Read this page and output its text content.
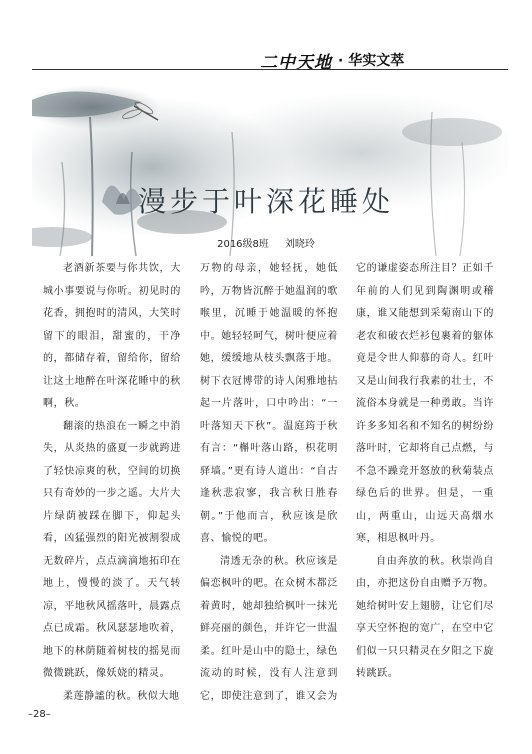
二中天地 · 华实文萃
漫步于叶深花睡处
2016级8班 刘晓玲

老酒新茶要与你共饮，大城小事要说与你听。初见时的花香，拥抱时的清风，大笑时留下的眼泪，甜蜜的，干净的，都储存着，留给你，留给让这土地醉在叶深花睡中的秋啊，秋。

翻滚的热浪在一瞬之中消失，从炎热的盛夏一步就跨进了轻快凉爽的秋，空间的切换只有奇妙的一步之遥。大片大片绿荫被踩在脚下，仰起头看，凶猛强烈的阳光被割裂成无数碎片，点点滴滴地拓印在地上，慢慢的淡了。天气转凉，平地秋风摇落叶，晨露点点已成霜。秋风瑟瑟地吹着，地下的林荫随着树枝的摇晃而微微跳跃，像妖娆的精灵。

柔莲静謐的秋。秋似大地

万物的母亲，她轻抚，她低吟，万物皆沉醉于她温润的歌喉里，沉睡于她温暖的怀抱中。她轻轻呵气，树叶便应着她，缓缓地从枝头飘落于地。树下衣冠博带的诗人闲雅地拈起一片落叶，口中吟出：“一叶落知天下秋”。温庭筠于秋有言：“槲叶落山路，枳花明驿墙。”更有诗人道出：“自古逢秋悲寂寥，我言秋日胜春朝。”于他而言，秋应该是欣喜、愉悦的吧。

清透无杂的秋。秋应该是偏恋枫叶的吧。在众树木都泛着黄时，她却独给枫叶一抹光鲜亮丽的颜色，并许它一世温柔。红叶是山中的隐士，绿色流动的时候，没有人注意到它，即使注意到了，谁又会为

它的谦虚姿态所注目？正如千年前的人们见到陶渊明或稽康，谁又能想到采菊南山下的老农和破衣烂衫包裹着的躯体竟是令世人仰慕的奇人。红叶又是山间我行我素的壮士，不流俗本身就是一种勇敢。当许许多多知名和不知名的树纷纷落叶时，它却将自己点燃，与不急不躁竞开怒放的秋菊装点绿色后的世界。但是，一重山，两重山，山远天高烟水寒，相思枫叶丹。

自由奔放的秋。秋崇尚自由，亦把这份自由赠予万物。她给树叶安上翅膀，让它们尽享天空怀抱的宽广，在空中它们似一只只精灵在夕阳之下旋转跳跃。

–28–
